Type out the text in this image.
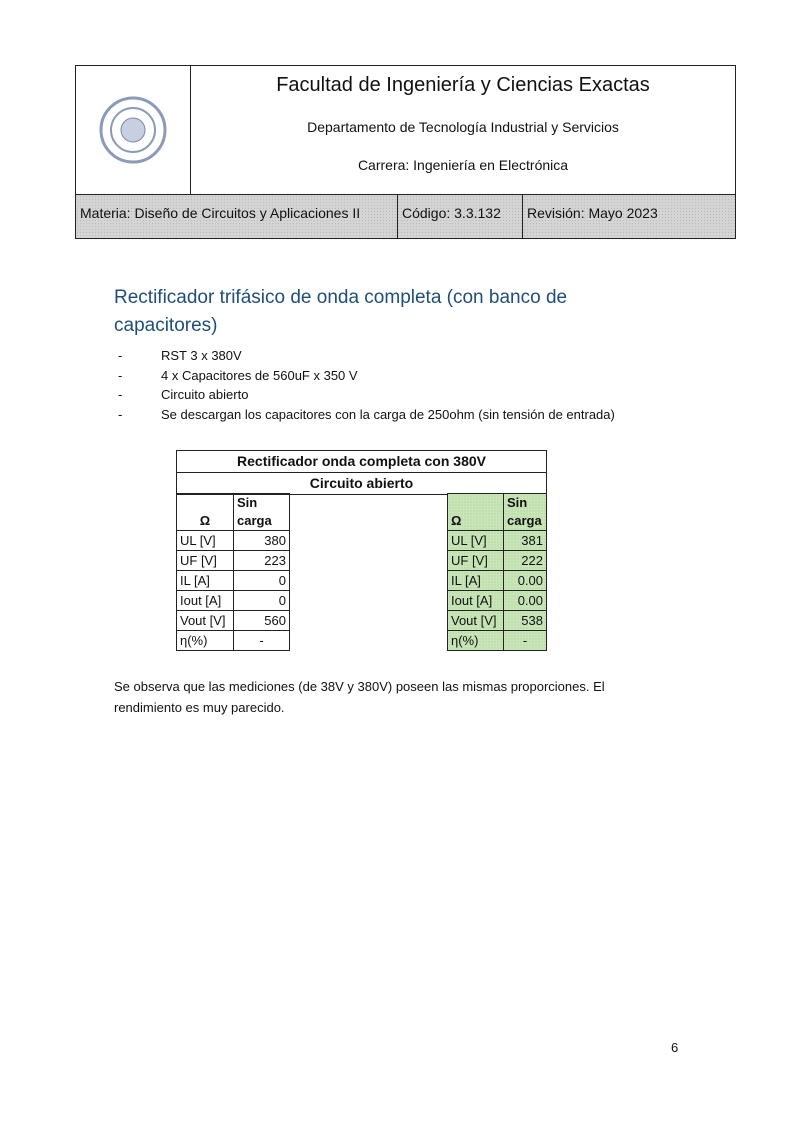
Facultad de Ingeniería y Ciencias Exactas
Departamento de Tecnología Industrial y Servicios
Carrera: Ingeniería en Electrónica
Materia: Diseño de Circuitos y Aplicaciones II	Código: 3.3.132	Revisión: Mayo 2023
Rectificador trifásico de onda completa (con banco de capacitores)
- RST 3 x 380V
- 4 x Capacitores de 560uF x 350 V
- Circuito abierto
- Se descargan los capacitores con la carga de 250ohm (sin tensión de entrada)
Rectificador onda completa con 380V
Circuito abierto
Ω	Sin carga
UL [V]	380
UF [V]	223
IL [A]	0
Iout [A]	0
Vout [V]	560
η(%)	-
Ω	Sin carga
UL [V]	381
UF [V]	222
IL [A]	0.00
Iout [A]	0.00
Vout [V]	538
η(%)	-
Se observa que las mediciones (de 38V y 380V) poseen las mismas proporciones. El rendimiento es muy parecido.
6
